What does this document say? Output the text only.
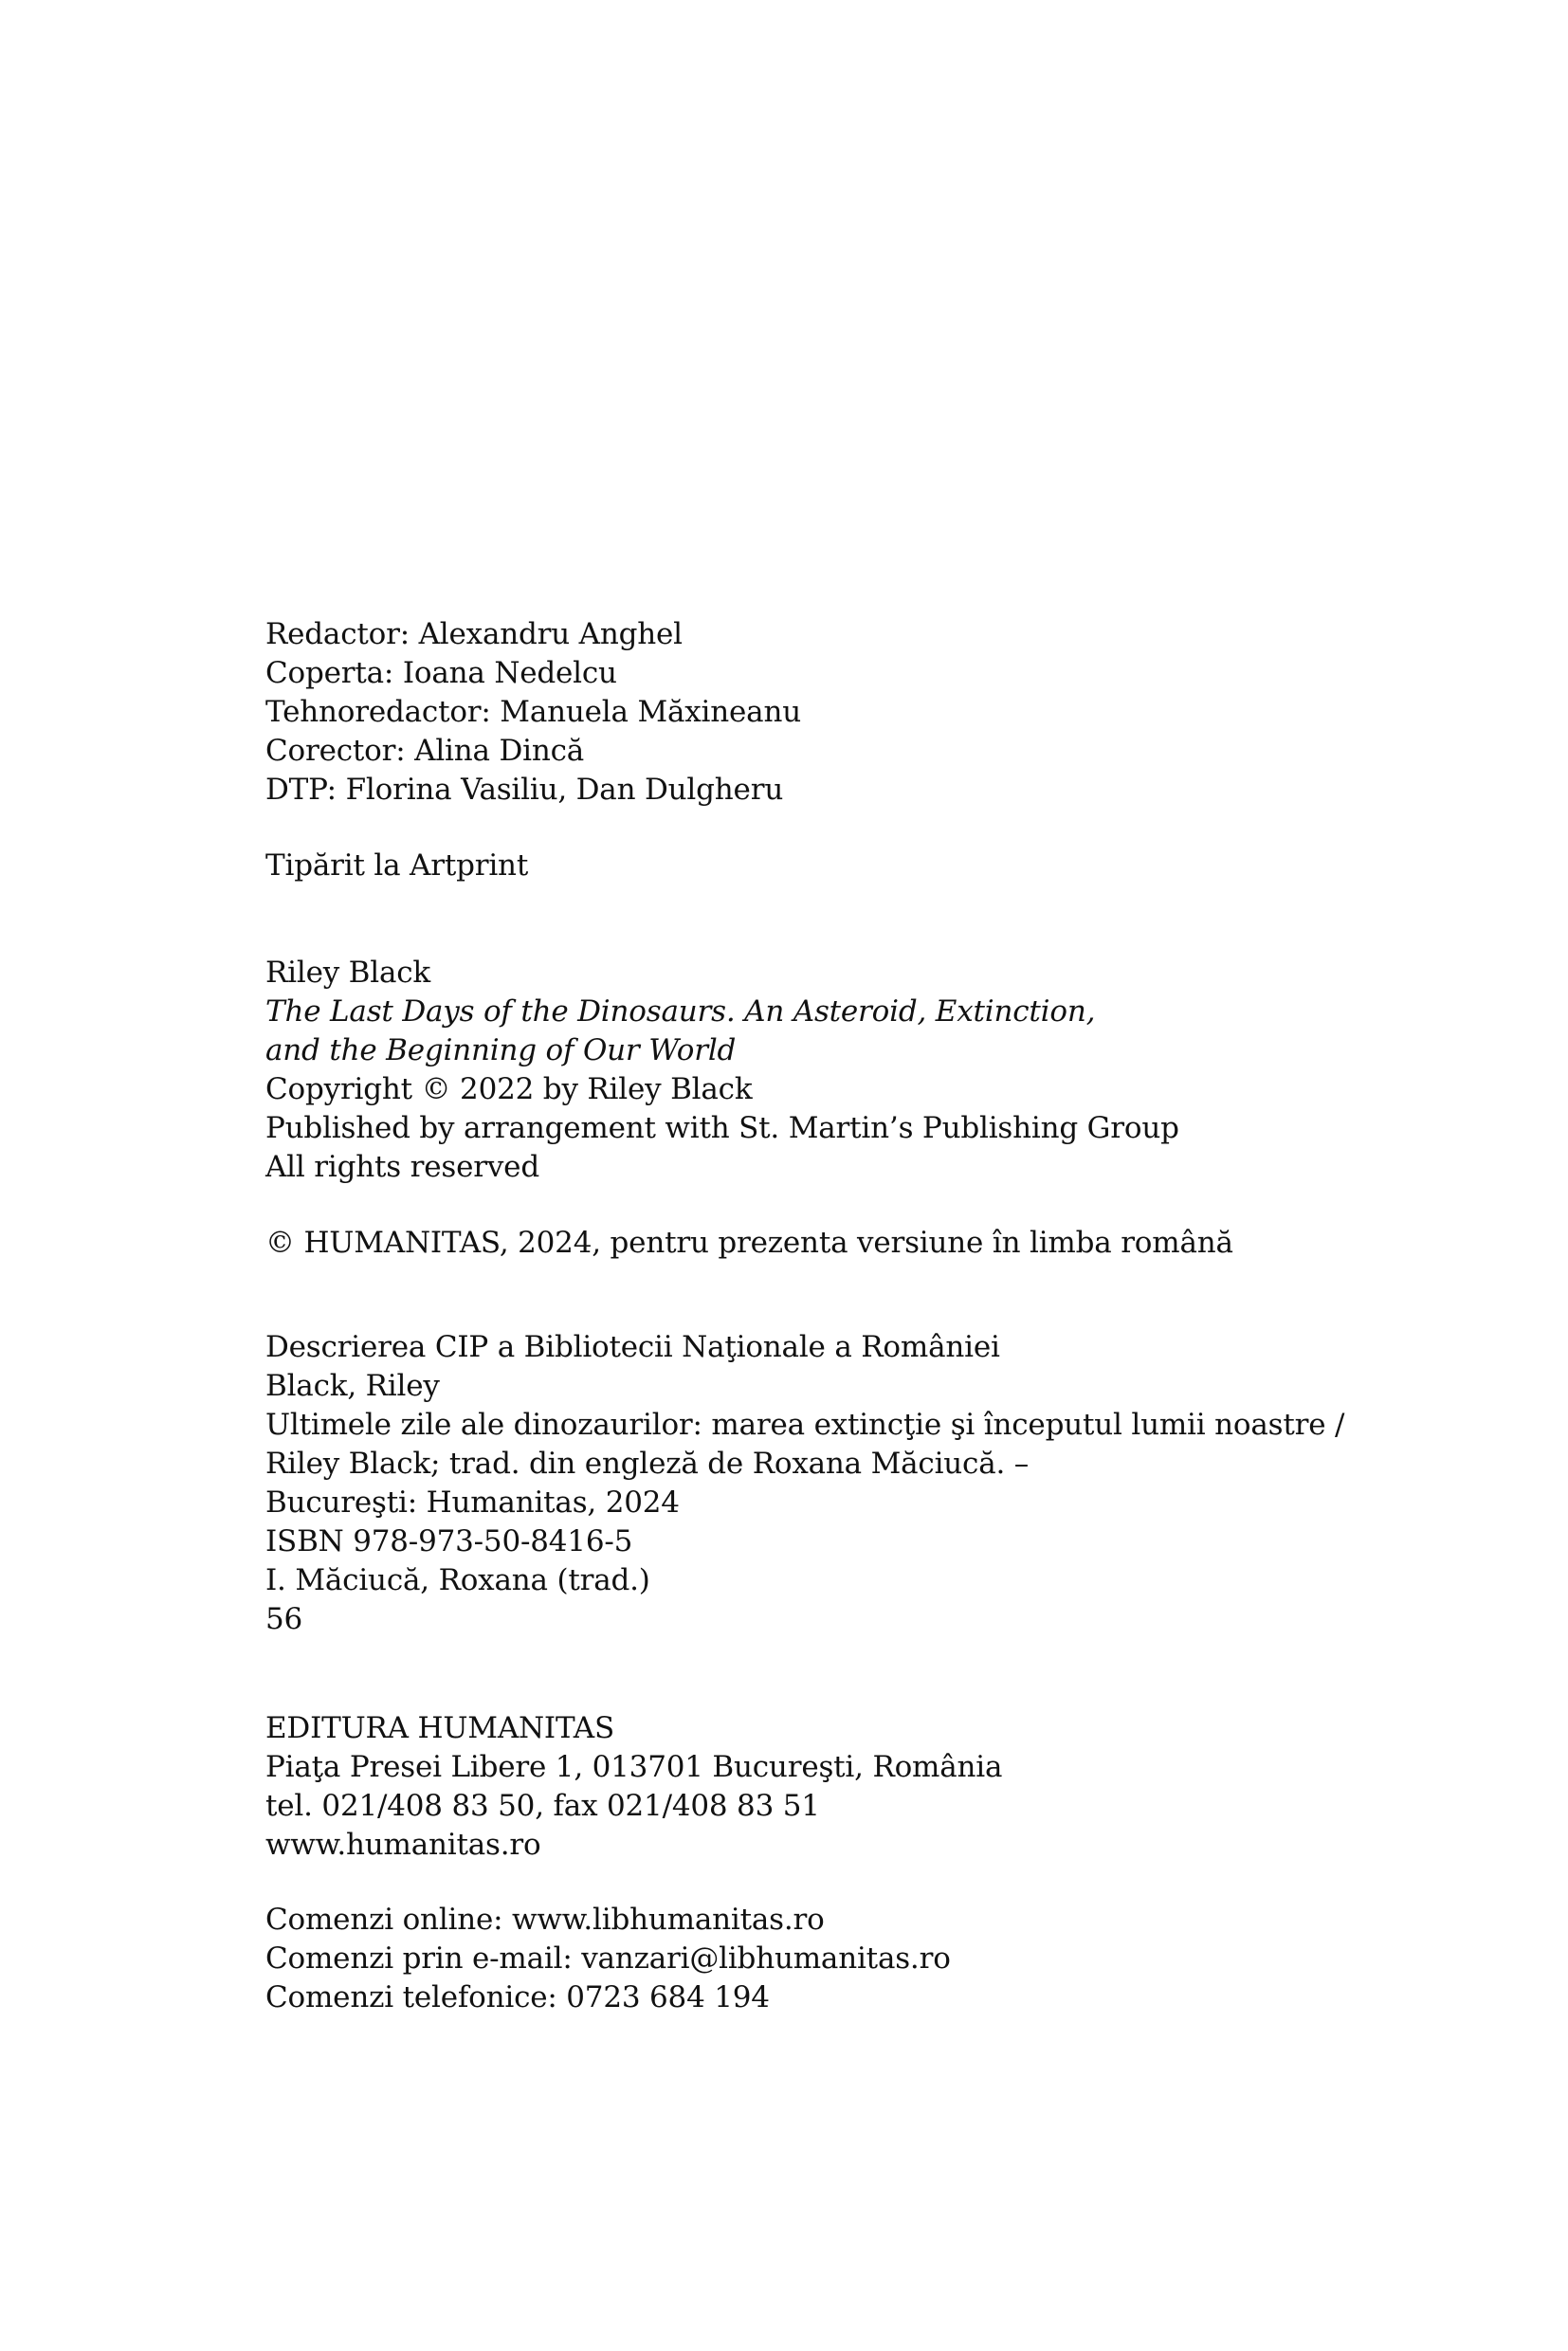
Redactor: Alexandru Anghel
Coperta: Ioana Nedelcu
Tehnoredactor: Manuela Măxineanu
Corector: Alina Dincă
DTP: Florina Vasiliu, Dan Dulgheru
Tipărit la Artprint
Riley Black
The Last Days of the Dinosaurs. An Asteroid, Extinction,
and the Beginning of Our World
Copyright © 2022 by Riley Black
Published by arrangement with St. Martin’s Publishing Group
All rights reserved
© HUMANITAS, 2024, pentru prezenta versiune în limba română
Descrierea CIP a Bibliotecii Naţionale a României
Black, Riley
Ultimele zile ale dinozaurilor: marea extincţie şi începutul lumii noastre /
Riley Black; trad. din engleză de Roxana Măciucă. –
Bucureşti: Humanitas, 2024
ISBN 978-973-50-8416-5
I. Măciucă, Roxana (trad.)
56
EDITURA HUMANITAS
Piaţa Presei Libere 1, 013701 Bucureşti, România
tel. 021/408 83 50, fax 021/408 83 51
www.humanitas.ro
Comenzi online: www.libhumanitas.ro
Comenzi prin e-mail: vanzari@libhumanitas.ro
Comenzi telefonice: 0723 684 194
